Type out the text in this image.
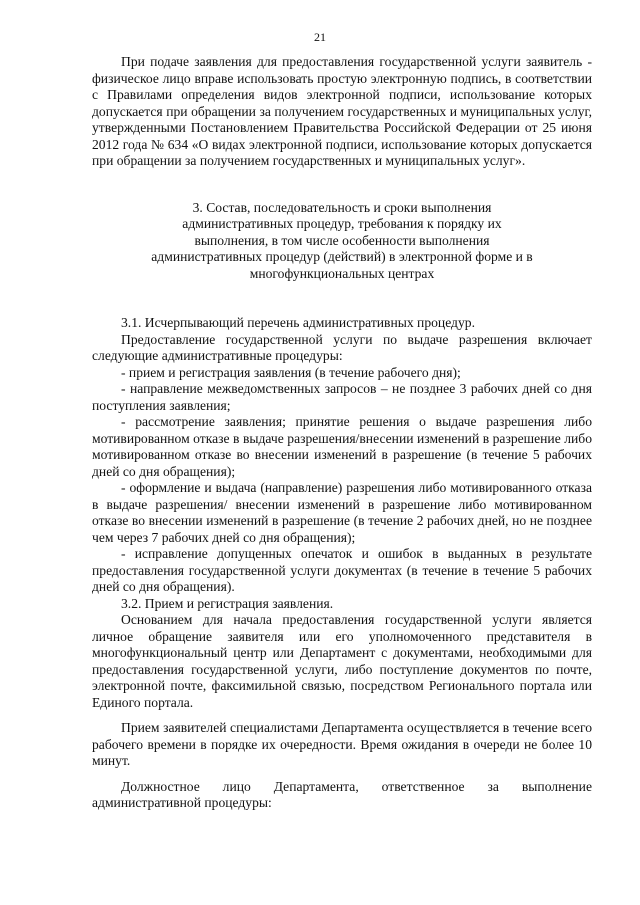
21

При подаче заявления для предоставления государственной услуги заявитель - физическое лицо вправе использовать простую электронную подпись, в соответствии с Правилами определения видов электронной подписи, использование которых допускается при обращении за получением государственных и муниципальных услуг, утвержденными Постановлением Правительства Российской Федерации от 25 июня 2012 года № 634 «О видах электронной подписи, использование которых допускается при обращении за получением государственных и муниципальных услуг».

3. Состав, последовательность и сроки выполнения
административных процедур, требования к порядку их
выполнения, в том числе особенности выполнения
административных процедур (действий) в электронной форме и в
многофункциональных центрах

3.1. Исчерпывающий перечень административных процедур.

Предоставление государственной услуги по выдаче разрешения включает следующие административные процедуры:

- прием и регистрация заявления (в течение рабочего дня);

- направление межведомственных запросов – не позднее 3 рабочих дней со дня поступления заявления;

- рассмотрение заявления; принятие решения о выдаче разрешения либо мотивированном отказе в выдаче разрешения/внесении изменений в разрешение либо мотивированном отказе во внесении изменений в разрешение (в течение 5 рабочих дней со дня обращения);

- оформление и выдача (направление) разрешения либо мотивированного отказа в выдаче разрешения/ внесении изменений в разрешение либо мотивированном отказе во внесении изменений в разрешение (в течение 2 рабочих дней, но не позднее чем через 7 рабочих дней со дня обращения);

- исправление допущенных опечаток и ошибок в выданных в результате предоставления государственной услуги документах (в течение в течение 5 рабочих дней со дня обращения).

3.2. Прием и регистрация заявления.

Основанием для начала предоставления государственной услуги является личное обращение заявителя или его уполномоченного представителя в многофункциональный центр или Департамент с документами, необходимыми для предоставления государственной услуги, либо поступление документов по почте, электронной почте, факсимильной связью, посредством Регионального портала или Единого портала.

Прием заявителей специалистами Департамента осуществляется в течение всего рабочего времени в порядке их очередности. Время ожидания в очереди не более 10 минут.

Должностное лицо Департамента, ответственное за выполнение административной процедуры:
